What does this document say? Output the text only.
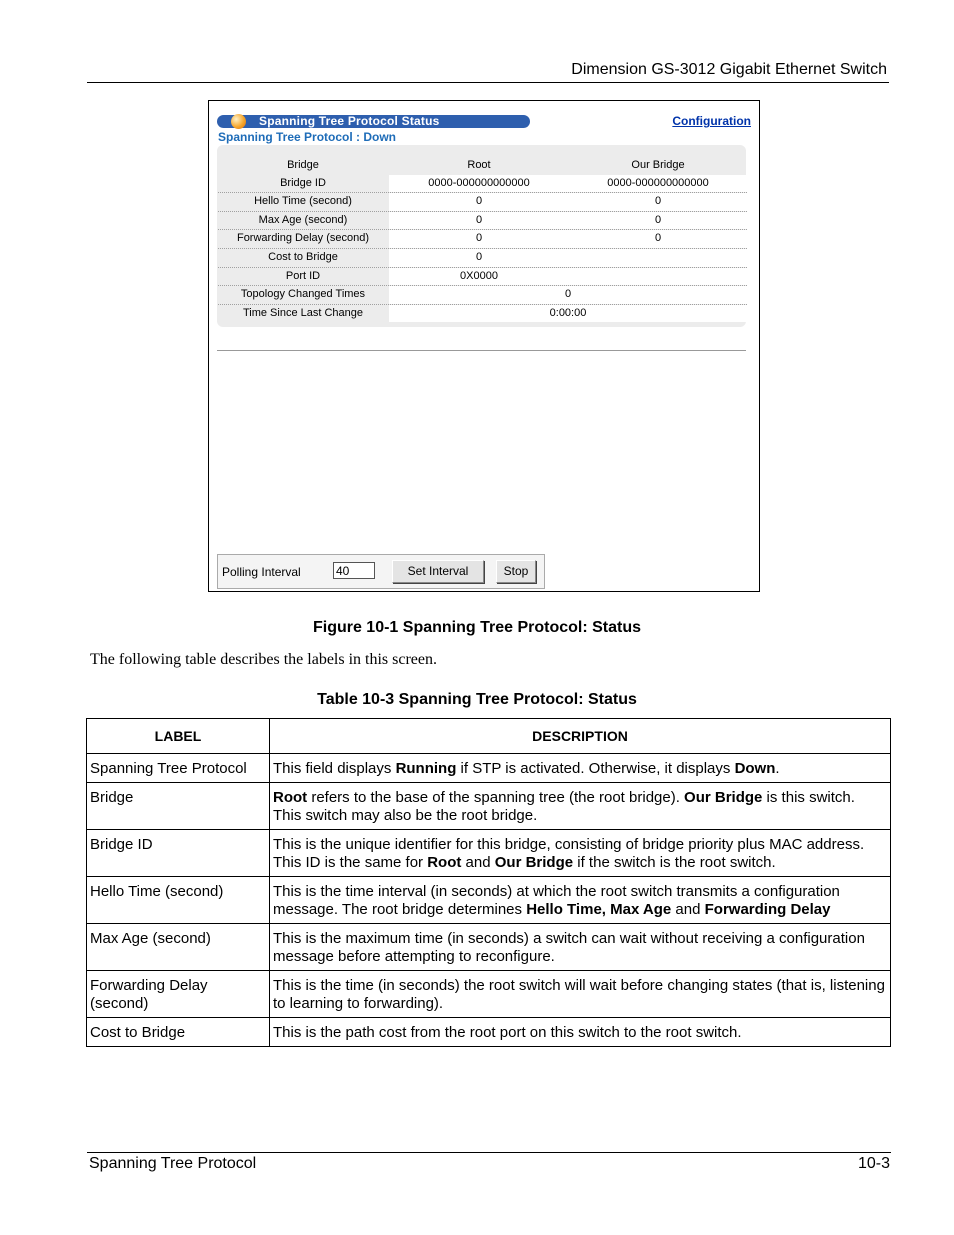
Dimension GS-3012 Gigabit Ethernet Switch
Spanning Tree Protocol Status	Configuration
Spanning Tree Protocol : Down
Bridge	Root	Our Bridge
Bridge ID	0000-000000000000	0000-000000000000
Hello Time (second)	0	0
Max Age (second)	0	0
Forwarding Delay (second)	0	0
Cost to Bridge	0
Port ID	0X0000
Topology Changed Times	0
Time Since Last Change	0:00:00
Polling Interval
40	Set Interval	Stop
Figure 10-1 Spanning Tree Protocol: Status
The following table describes the labels in this screen.
Table 10-3 Spanning Tree Protocol: Status
LABEL	DESCRIPTION
Spanning Tree Protocol	This field displays Running if STP is activated. Otherwise, it displays Down.
Bridge	Root refers to the base of the spanning tree (the root bridge). Our Bridge is this switch. This switch may also be the root bridge.
Bridge ID	This is the unique identifier for this bridge, consisting of bridge priority plus MAC address. This ID is the same for Root and Our Bridge if the switch is the root switch.
Hello Time (second)	This is the time interval (in seconds) at which the root switch transmits a configuration message. The root bridge determines Hello Time, Max Age and Forwarding Delay
Max Age (second)	This is the maximum time (in seconds) a switch can wait without receiving a configuration message before attempting to reconfigure.
Forwarding Delay (second)	This is the time (in seconds) the root switch will wait before changing states (that is, listening to learning to forwarding).
Cost to Bridge	This is the path cost from the root port on this switch to the root switch.
Spanning Tree Protocol	10-3
